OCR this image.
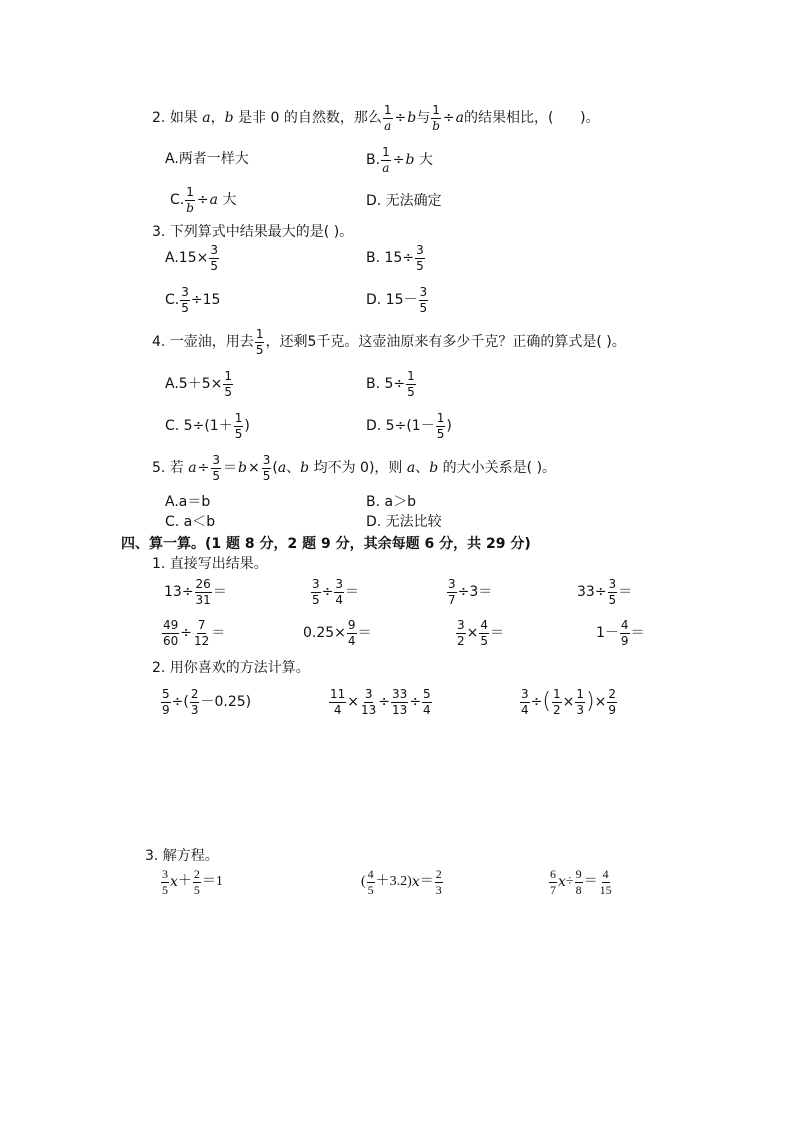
2.
如果
a ， b
是非 0 的自然数，那么 $\frac{1}{a} \div b$ 与 $\frac{1}{b} \div a$ 的结果相比，(
)。
A.两者一样大	B. $\frac{1}{a} \div b$
大
C. $\frac{1}{b} \div a$
大	D. 无法确定
3. 下列算式中结果最大的是( )。
$A.15\times \frac{3}{5}$	B. $15\div \frac{3}{5}$
C. $\frac{3}{5} \div 15$	D. $15- \frac{3}{5}$
4. 一壶油，用去 $\frac{1}{5}$ ，还剩5千克。这壶油原来有多少千克？正确的算式是( )。
$A.5+5\times \frac{1}{5}$	B. $5\div \frac{1}{5}$
C. $5\div(1+ \frac{1}{5}$ )	D. $5\div(1- \frac{1}{5}$ )
5. 若
$a \div \frac{3}{5} = b \times \frac{3}{5}$ ( a 、 b
均不为 0)，则
a 、 b
的大小关系是( )。
A.a＝b	B. a＞b
C. a＜b	D. 无法比较
四、算一算。(1 题 8 分，2 题 9 分，其余每题 6 分，共 29 分)
1. 直接写出结果。
$13\div \frac{26}{31}$ ＝	$\frac{3}{5} \div \frac{3}{4}$ ＝	$\frac{3}{7} \div 3=$	$33\div \frac{3}{5}$ ＝
$\frac{49}{60} \div \frac{7}{12}$ ＝	$0.25\times \frac{9}{4}$ ＝	$\frac{3}{2} \times \frac{4}{5}$ ＝	$1- \frac{4}{9}$ ＝
2. 用你喜欢的方法计算。
$\frac{5}{9}$ ÷ ( $\frac{2}{3} -0.25$)	$\frac{11}{4} \times \frac{3}{13} \div \frac{33}{13} \div \frac{5}{4}$	$\frac{3}{4}$ ÷ ( $\frac{1}{2} \times \frac{1}{3}$ ) × $\frac{2}{9}$
3. 解方程。
$\frac{3}{5}$ $x + \frac{2}{5} =1$	( $\frac{4}{5} +3.2$) $x = \frac{2}{3}$	$\frac{6}{7}$ $x \div \frac{9}{8} = \frac{4}{15}$
